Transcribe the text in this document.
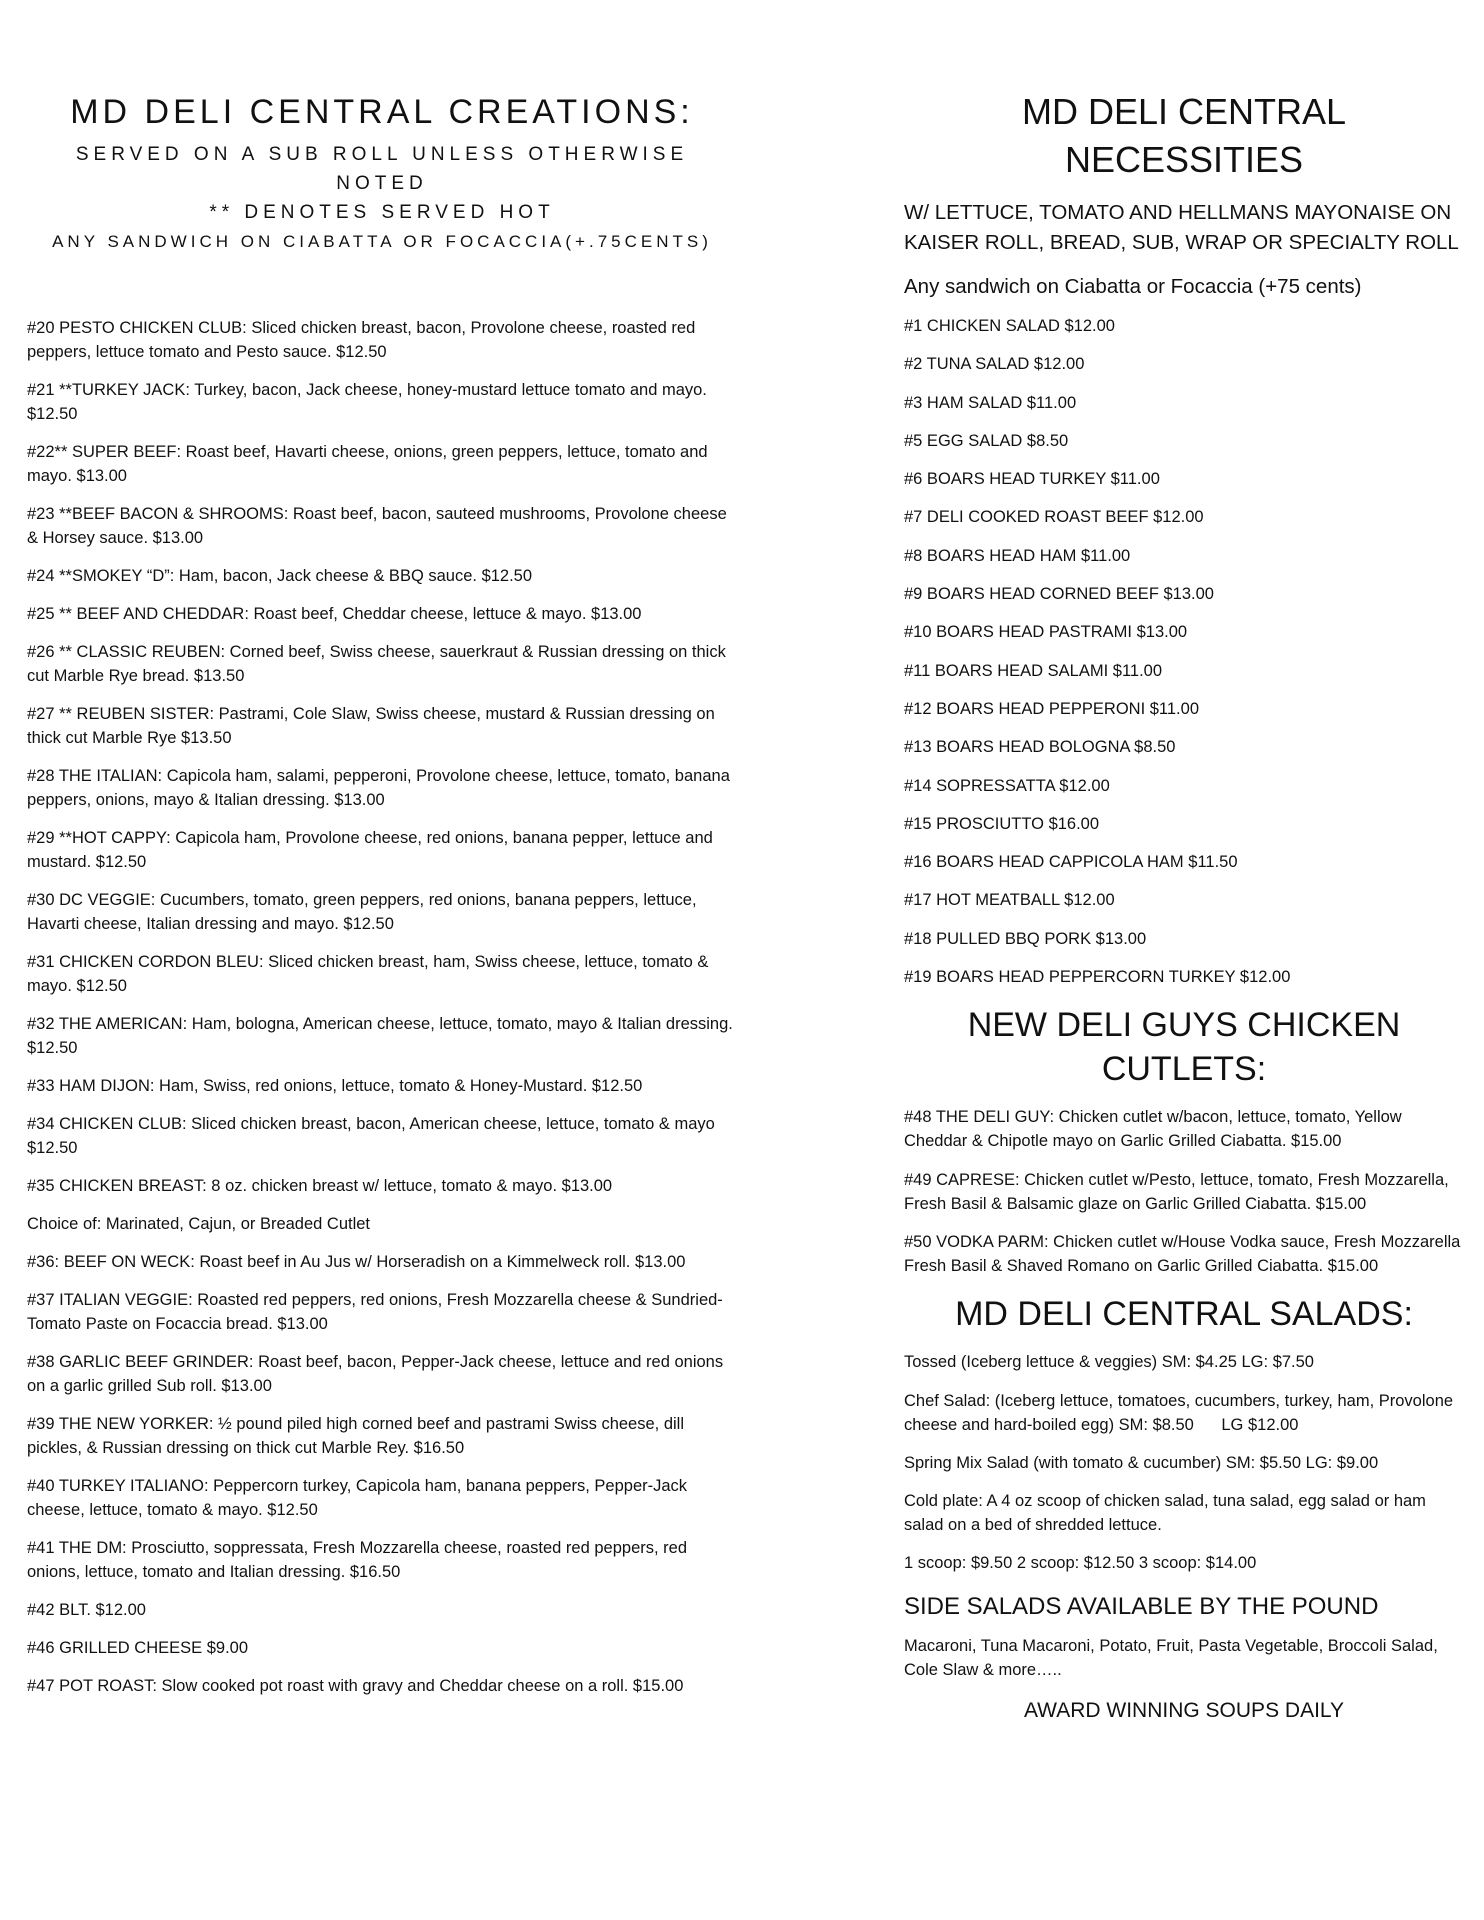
MD DELI CENTRAL CREATIONS:
SERVED ON A SUB ROLL UNLESS OTHERWISE NOTED
** DENOTES SERVED HOT
ANY SANDWICH ON CIABATTA OR FOCACCIA(+.75CENTS)
#20 PESTO CHICKEN CLUB: Sliced chicken breast, bacon, Provolone cheese, roasted red peppers, lettuce tomato and Pesto sauce. $12.50
#21 **TURKEY JACK: Turkey, bacon, Jack cheese, honey-mustard lettuce tomato and mayo. $12.50
#22** SUPER BEEF: Roast beef, Havarti cheese, onions, green peppers, lettuce, tomato and mayo. $13.00
#23 **BEEF BACON & SHROOMS: Roast beef, bacon, sauteed mushrooms, Provolone cheese & Horsey sauce. $13.00
#24 **SMOKEY “D”: Ham, bacon, Jack cheese & BBQ sauce. $12.50
#25 ** BEEF AND CHEDDAR: Roast beef, Cheddar cheese, lettuce & mayo. $13.00
#26 ** CLASSIC REUBEN: Corned beef, Swiss cheese, sauerkraut & Russian dressing on thick cut Marble Rye bread. $13.50
#27 ** REUBEN SISTER: Pastrami, Cole Slaw, Swiss cheese, mustard & Russian dressing on thick cut Marble Rye $13.50
#28 THE ITALIAN: Capicola ham, salami, pepperoni, Provolone cheese, lettuce, tomato, banana peppers, onions, mayo & Italian dressing. $13.00
#29 **HOT CAPPY: Capicola ham, Provolone cheese, red onions, banana pepper, lettuce and mustard. $12.50
#30 DC VEGGIE: Cucumbers, tomato, green peppers, red onions, banana peppers, lettuce, Havarti cheese, Italian dressing and mayo. $12.50
#31 CHICKEN CORDON BLEU: Sliced chicken breast, ham, Swiss cheese, lettuce, tomato & mayo. $12.50
#32 THE AMERICAN: Ham, bologna, American cheese, lettuce, tomato, mayo & Italian dressing. $12.50
#33 HAM DIJON: Ham, Swiss, red onions, lettuce, tomato & Honey-Mustard. $12.50
#34 CHICKEN CLUB: Sliced chicken breast, bacon, American cheese, lettuce, tomato & mayo $12.50
#35 CHICKEN BREAST: 8 oz. chicken breast w/ lettuce, tomato & mayo. $13.00
Choice of: Marinated, Cajun, or Breaded Cutlet
#36: BEEF ON WECK: Roast beef in Au Jus w/ Horseradish on a Kimmelweck roll. $13.00
#37 ITALIAN VEGGIE: Roasted red peppers, red onions, Fresh Mozzarella cheese & Sundried-Tomato Paste on Focaccia bread. $13.00
#38 GARLIC BEEF GRINDER: Roast beef, bacon, Pepper-Jack cheese, lettuce and red onions on a garlic grilled Sub roll. $13.00
#39 THE NEW YORKER: ½ pound piled high corned beef and pastrami Swiss cheese, dill pickles, & Russian dressing on thick cut Marble Rey. $16.50
#40 TURKEY ITALIANO: Peppercorn turkey, Capicola ham, banana peppers, Pepper-Jack cheese, lettuce, tomato & mayo. $12.50
#41 THE DM: Prosciutto, soppressata, Fresh Mozzarella cheese, roasted red peppers, red onions, lettuce, tomato and Italian dressing. $16.50
#42 BLT. $12.00
#46 GRILLED CHEESE $9.00
#47 POT ROAST: Slow cooked pot roast with gravy and Cheddar cheese on a roll. $15.00
MD DELI CENTRAL NECESSITIES
W/ LETTUCE, TOMATO AND HELLMANS MAYONAISE ON KAISER ROLL, BREAD, SUB, WRAP OR SPECIALTY ROLL
Any sandwich on Ciabatta or Focaccia (+75 cents)
#1 CHICKEN SALAD $12.00
#2 TUNA SALAD $12.00
#3 HAM SALAD $11.00
#5 EGG SALAD $8.50
#6 BOARS HEAD TURKEY $11.00
#7 DELI COOKED ROAST BEEF $12.00
#8 BOARS HEAD HAM $11.00
#9 BOARS HEAD CORNED BEEF $13.00
#10 BOARS HEAD PASTRAMI $13.00
#11 BOARS HEAD SALAMI $11.00
#12 BOARS HEAD PEPPERONI $11.00
#13 BOARS HEAD BOLOGNA $8.50
#14 SOPRESSATTA $12.00
#15 PROSCIUTTO $16.00
#16 BOARS HEAD CAPPICOLA HAM $11.50
#17 HOT MEATBALL $12.00
#18 PULLED BBQ PORK $13.00
#19 BOARS HEAD PEPPERCORN TURKEY $12.00
NEW DELI GUYS CHICKEN CUTLETS:
#48 THE DELI GUY: Chicken cutlet w/bacon, lettuce, tomato, Yellow Cheddar & Chipotle mayo on Garlic Grilled Ciabatta. $15.00
#49 CAPRESE: Chicken cutlet w/Pesto, lettuce, tomato, Fresh Mozzarella, Fresh Basil & Balsamic glaze on Garlic Grilled Ciabatta. $15.00
#50 VODKA PARM: Chicken cutlet w/House Vodka sauce, Fresh Mozzarella Fresh Basil & Shaved Romano on Garlic Grilled Ciabatta. $15.00
MD DELI CENTRAL SALADS:
Tossed (Iceberg lettuce & veggies) SM: $4.25 LG: $7.50
Chef Salad: (Iceberg lettuce, tomatoes, cucumbers, turkey, ham, Provolone cheese and hard-boiled egg) SM: $8.50      LG $12.00
Spring Mix Salad (with tomato & cucumber) SM: $5.50 LG: $9.00
Cold plate: A 4 oz scoop of chicken salad, tuna salad, egg salad or ham salad on a bed of shredded lettuce.
1 scoop: $9.50 2 scoop: $12.50 3 scoop: $14.00
SIDE SALADS AVAILABLE BY THE POUND
Macaroni, Tuna Macaroni, Potato, Fruit, Pasta Vegetable, Broccoli Salad, Cole Slaw & more…..
AWARD WINNING SOUPS DAILY
